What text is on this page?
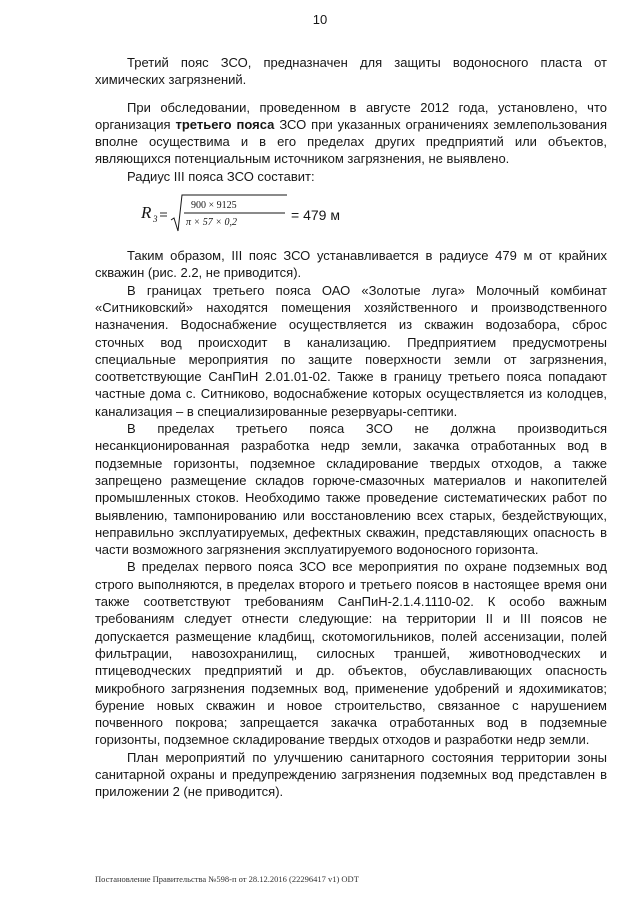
10

Третий пояс ЗСО, предназначен для защиты водоносного пласта от химических загрязнений.

При обследовании, проведенном в августе 2012 года, установлено, что организация третьего пояса ЗСО при указанных ограничениях землепользования вполне осуществима и в его пределах других предприятий или объектов, являющихся потенциальным источником загрязнения, не выявлено.

Радиус III пояса ЗСО составит:

R 3
900 × 9125
π × 57 × 0,2	= 479 м

Таким образом, III пояс ЗСО устанавливается в радиусе 479 м от крайних скважин (рис. 2.2, не приводится).

В границах третьего пояса ОАО «Золотые луга» Молочный комбинат «Ситниковский» находятся помещения хозяйственного и производственного назначения. Водоснабжение осуществляется из скважин водозабора, сброс сточных вод происходит в канализацию. Предприятием предусмотрены специальные мероприятия по защите поверхности земли от загрязнения, соответствующие СанПиН 2.01.01-02. Также в границу третьего пояса попадают частные дома с. Ситниково, водоснабжение которых осуществляется из колодцев, канализация – в специализированные резервуары-септики.

В пределах третьего пояса ЗСО не должна производиться несанкционированная разработка недр земли, закачка отработанных вод в подземные горизонты, подземное складирование твердых отходов, а также запрещено размещение складов горюче-смазочных материалов и накопителей промышленных стоков. Необходимо также проведение систематических работ по выявлению, тампонированию или восстановлению всех старых, бездействующих, неправильно эксплуатируемых, дефектных скважин, представляющих опасность в части возможного загрязнения эксплуатируемого водоносного горизонта.

В пределах первого пояса ЗСО все мероприятия по охране подземных вод строго выполняются, в пределах второго и третьего поясов в настоящее время они также соответствуют требованиям СанПиН-2.1.4.1110-02. К особо важным требованиям следует отнести следующие: на территории II и III поясов не допускается размещение кладбищ, скотомогильников, полей ассенизации, полей фильтрации, навозохранилищ, силосных траншей, животноводческих и птицеводческих предприятий и др. объектов, обуславливающих опасность микробного загрязнения подземных вод, применение удобрений и ядохимикатов; бурение новых скважин и новое строительство, связанное с нарушением почвенного покрова; запрещается закачка отработанных вод в подземные горизонты, подземное складирование твердых отходов и разработки недр земли.

План мероприятий по улучшению санитарного состояния территории зоны санитарной охраны и предупреждению загрязнения подземных вод представлен в приложении 2 (не приводится).

Постановление Правительства №598-п от 28.12.2016 (22296417 v1) ODT
